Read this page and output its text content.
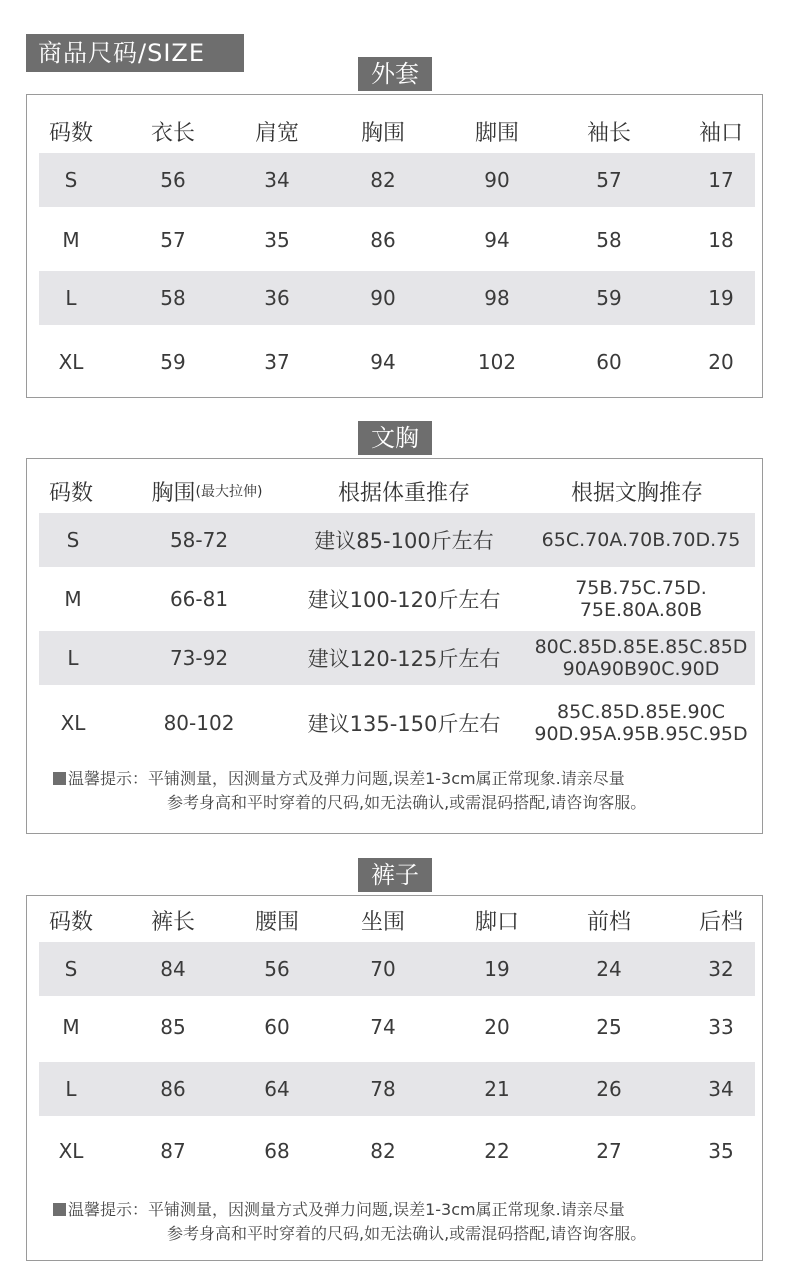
商品尺码/SIZE
外套
码数	衣长	肩宽	胸围	脚围	袖长	袖口
S	56	34	82	90	57	17
M	57	35	86	94	58	18
L	58	36	90	98	59	19
XL	59	37	94	102	60	20
文胸
码数	胸围 (最大拉伸)	根据体重推存	根据文胸推存
S	58-72	建议85-100斤左右	65C.70A.70B.70D.75
M	66-81	建议100-120斤左右	75B.75C.75D.
75E.80A.80B
L	73-92	建议120-125斤左右	80C.85D.85E.85C.85D
90A90B90C.90D
XL	80-102	建议135-150斤左右	85C.85D.85E.90C
90D.95A.95B.95C.95D
温馨提示：平铺测量，因测量方式及弹力问题,误差1-3cm属正常现象.请亲尽量
参考身高和平时穿着的尺码,如无法确认,或需混码搭配,请咨询客服。
裤子
码数	裤长	腰围	坐围	脚口	前档	后档
S	84	56	70	19	24	32
M	85	60	74	20	25	33
L	86	64	78	21	26	34
XL	87	68	82	22	27	35
温馨提示：平铺测量，因测量方式及弹力问题,误差1-3cm属正常现象.请亲尽量
参考身高和平时穿着的尺码,如无法确认,或需混码搭配,请咨询客服。
